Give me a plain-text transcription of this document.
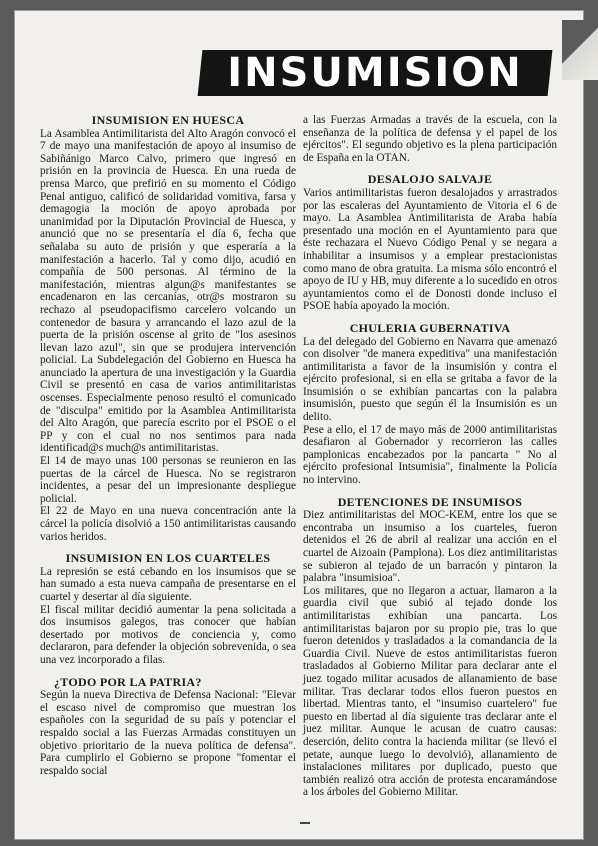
INSUMISION
INSUMISION EN HUESCA

La Asamblea Antimilitarista del Alto Aragón convocó el 7 de mayo una manifestación de apoyo al insumiso de Sabiñánigo Marco Calvo, primero que ingresó en prisión en la provincia de Huesca. En una rueda de prensa Marco, que prefirió en su momento el Código Penal antiguo, calificó de solidaridad vomitiva, farsa y demagogia la moción de apoyo aprobada por unanimidad por la Diputación Provincial de Huesca, y anunció que no se presentaría el día 6, fecha que señalaba su auto de prisión y que esperaría a la manifestación a hacerlo. Tal y como dijo, acudió en compañía de 500 personas. Al término de la manifestación, mientras algun@s manifestantes se encadenaron en las cercanías, otr@s mostraron su rechazo al pseudopacifismo carcelero volcando un contenedor de basura y arrancando el lazo azul de la puerta de la prisión oscense al grito de "los asesinos llevan lazo azul", sin que se produjera intervención policial. La Subdelegación del Gobierno en Huesca ha anunciado la apertura de una investigación y la Guardia Civil se presentó en casa de varios antimilitaristas oscenses. Especialmente penoso resultó el comunicado de "disculpa" emitido por la Asamblea Antimilitarista del Alto Aragón, que parecía escrito por el PSOE o el PP y con el cual no nos sentimos para nada identificad@s much@s antimilitaristas.

El 14 de mayo unas 100 personas se reunieron en las puertas de la cárcel de Huesca. No se registraron incidentes, a pesar del un impresionante despliegue policial.

El 22 de Mayo en una nueva concentración ante la cárcel la policía disolvió a 150 antimilitaristas causando varios heridos.

INSUMISION EN LOS CUARTELES

La represión se está cebando en los insumisos que se han sumado a esta nueva campaña de presentarse en el cuartel y desertar al día siguiente.

El fiscal militar decidió aumentar la pena solicitada a dos insumisos galegos, tras conocer que habían desertado por motivos de conciencia y, como declararon, para defender la objeción sobrevenida, o sea una vez incorporado a filas.

¿TODO POR LA PATRIA?

Según la nueva Directiva de Defensa Nacional: "Elevar el escaso nivel de compromiso que muestran los españoles con la seguridad de su país y potenciar el respaldo social a las Fuerzas Armadas constituyen un objetivo prioritario de la nueva política de defensa". Para cumplirlo el Gobierno se propone "fomentar el respaldo social

a las Fuerzas Armadas a través de la escuela, con la enseñanza de la política de defensa y el papel de los ejércitos". El segundo objetivo es la plena participación de España en la OTAN.

DESALOJO SALVAJE

Varios antimilitaristas fueron desalojados y arrastrados por las escaleras del Ayuntamiento de Vitoria el 6 de mayo. La Asamblea Antimilitarista de Araba había presentado una moción en el Ayuntamiento para que éste rechazara el Nuevo Código Penal y se negara a inhabilitar a insumisos y a emplear prestacionistas como mano de obra gratuita. La misma sólo encontró el apoyo de IU y HB, muy diferente a lo sucedido en otros ayuntamientos como el de Donosti donde incluso el PSOE había apoyado la moción.

CHULERIA GUBERNATIVA

La del delegado del Gobierno en Navarra que amenazó con disolver "de manera expeditiva" una manifestación antimilitarista a favor de la insumisión y contra el ejército profesional, si en ella se gritaba a favor de la Insumisión o se exhibían pancartas con la palabra insumisión, puesto que según él la Insumisión es un delito.

Pese a ello, el 17 de mayo más de 2000 antimilitaristas desafiaron al Gobernador y recorrieron las calles pamplonicas encabezados por la pancarta " No al ejército profesional Intsumisia", finalmente la Policía no intervino.

DETENCIONES DE INSUMISOS

Diez antimilitaristas del MOC-KEM, entre los que se encontraba un insumiso a los cuarteles, fueron detenidos el 26 de abril al realizar una acción en el cuartel de Aizoain (Pamplona). Los diez antimilitaristas se subieron al tejado de un barracón y pintaron la palabra "insumisioa".

Los militares, que no llegaron a actuar, llamaron a la guardia civil que subió al tejado donde los antimilitaristas exhibían una pancarta. Los antimilitaristas bajaron por su propio pie, tras lo que fueron detenidos y trasladados a la comandancia de la Guardia Civil. Nueve de estos antimilitaristas fueron trasladados al Gobierno Militar para declarar ante el juez togado militar acusados de allanamiento de base militar. Tras declarar todos ellos fueron puestos en libertad. Mientras tanto, el "insumiso cuartelero" fue puesto en libertad al día siguiente tras declarar ante el juez militar. Aunque le acusan de cuatro causas: deserción, delito contra la hacienda militar (se llevó el petate, aunque luego lo devolvió), allanamiento de instalaciones militares por duplicado, puesto que también realizó otra acción de protesta encaramándose a los árboles del Gobierno Militar.
